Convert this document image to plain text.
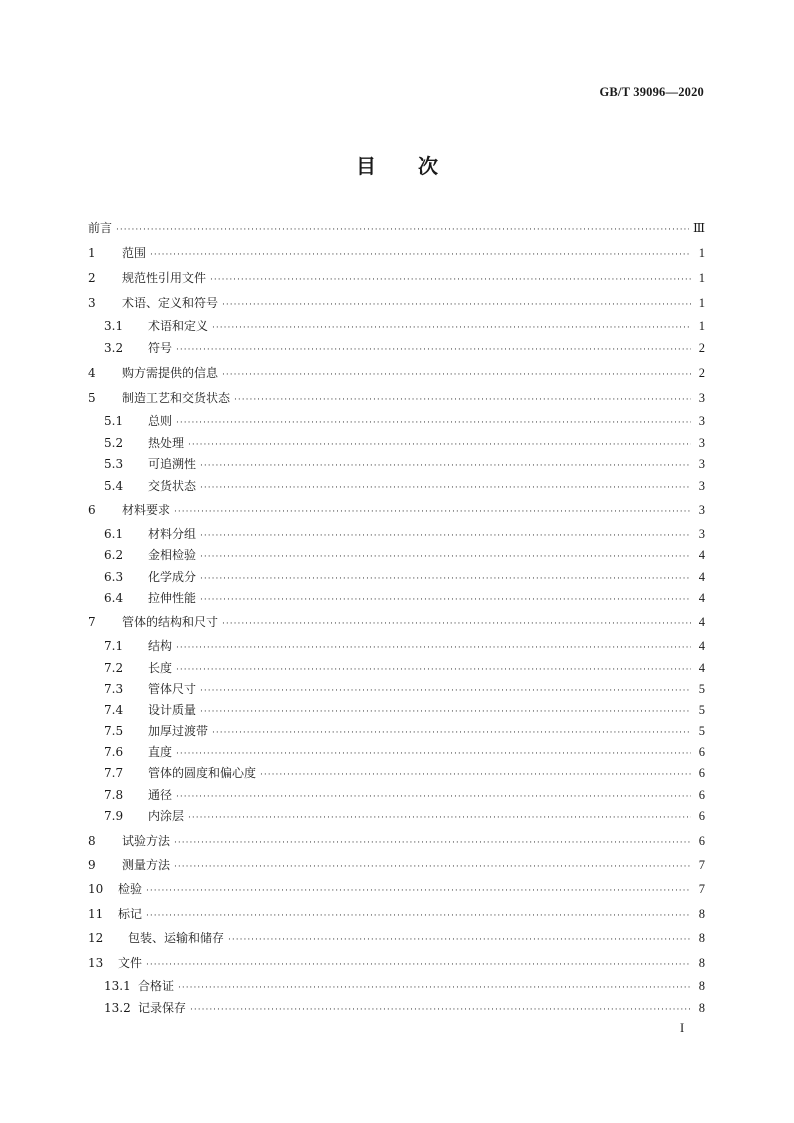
GB/T 39096—2020
目次
前言 ·····	Ⅲ
1	范围 ·····	1
2	规范性引用文件 ·····	1
3	术语、定义和符号 ·····	1
3.1	术语和定义 ·····	1
3.2	符号 ·····	2
4	购方需提供的信息 ·····	2
5	制造工艺和交货状态 ·····	3
5.1	总则 ·····	3
5.2	热处理 ·····	3
5.3	可追溯性 ·····	3
5.4	交货状态 ·····	3
6	材料要求 ·····	3
6.1	材料分组 ·····	3
6.2	金相检验 ·····	4
6.3	化学成分 ·····	4
6.4	拉伸性能 ·····	4
7	管体的结构和尺寸 ·····	4
7.1	结构 ·····	4
7.2	长度 ·····	4
7.3	管体尺寸 ·····	5
7.4	设计质量 ·····	5
7.5	加厚过渡带 ·····	5
7.6	直度 ·····	6
7.7	管体的圆度和偏心度 ·····	6
7.8	通径 ·····	6
7.9	内涂层 ·····	6
8	试验方法 ·····	6
9	测量方法 ·····	7
10	检验 ·····	7
11	标记 ·····	8
12	包装、运输和储存 ·····	8
13	文件 ·····	8
13.1 合格证 ·····	8
13.2 记录保存 ·····	8
I
